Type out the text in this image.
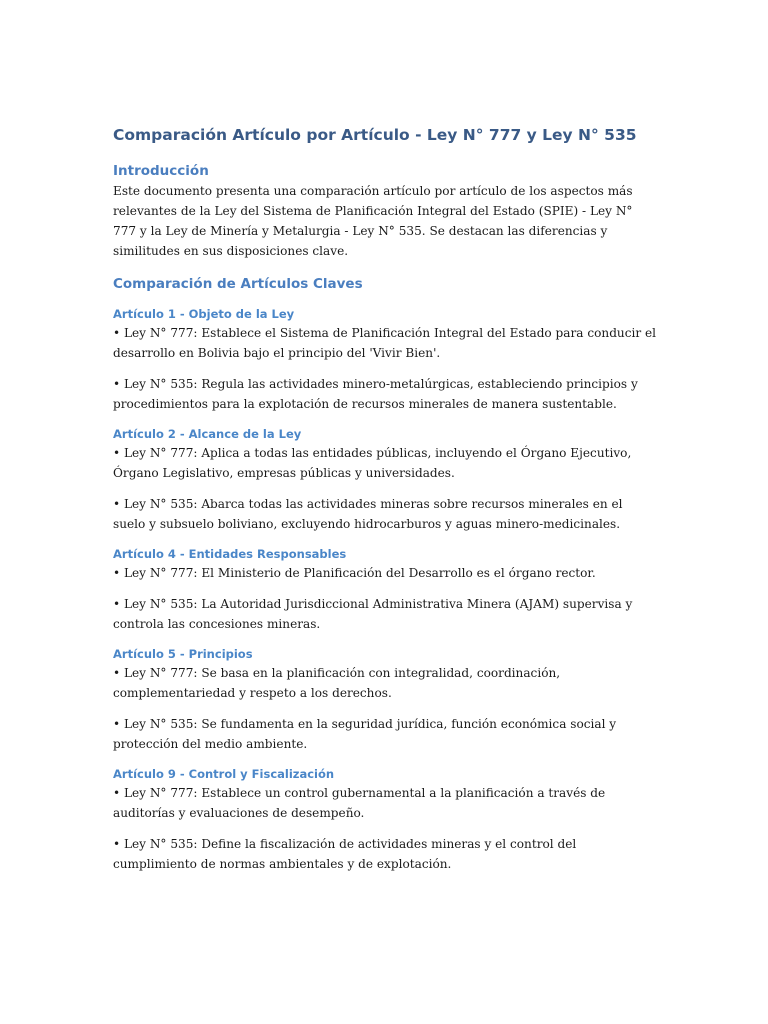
Comparación Artículo por Artículo - Ley N° 777 y Ley N° 535
Introducción

Este documento presenta una comparación artículo por artículo de los aspectos más relevantes de la Ley del Sistema de Planificación Integral del Estado (SPIE) - Ley N° 777 y la Ley de Minería y Metalurgia - Ley N° 535. Se destacan las diferencias y similitudes en sus disposiciones clave.

Comparación de Artículos Claves
Artículo 1 - Objeto de la Ley

• Ley N° 777: Establece el Sistema de Planificación Integral del Estado para conducir el desarrollo en Bolivia bajo el principio del 'Vivir Bien'.

• Ley N° 535: Regula las actividades minero-metalúrgicas, estableciendo principios y procedimientos para la explotación de recursos minerales de manera sustentable.

Artículo 2 - Alcance de la Ley

• Ley N° 777: Aplica a todas las entidades públicas, incluyendo el Órgano Ejecutivo, Órgano Legislativo, empresas públicas y universidades.

• Ley N° 535: Abarca todas las actividades mineras sobre recursos minerales en el suelo y subsuelo boliviano, excluyendo hidrocarburos y aguas minero-medicinales.

Artículo 4 - Entidades Responsables

• Ley N° 777: El Ministerio de Planificación del Desarrollo es el órgano rector.

• Ley N° 535: La Autoridad Jurisdiccional Administrativa Minera (AJAM) supervisa y controla las concesiones mineras.

Artículo 5 - Principios

• Ley N° 777: Se basa en la planificación con integralidad, coordinación, complementariedad y respeto a los derechos.

• Ley N° 535: Se fundamenta en la seguridad jurídica, función económica social y protección del medio ambiente.

Artículo 9 - Control y Fiscalización

• Ley N° 777: Establece un control gubernamental a la planificación a través de auditorías y evaluaciones de desempeño.

• Ley N° 535: Define la fiscalización de actividades mineras y el control del cumplimiento de normas ambientales y de explotación.
